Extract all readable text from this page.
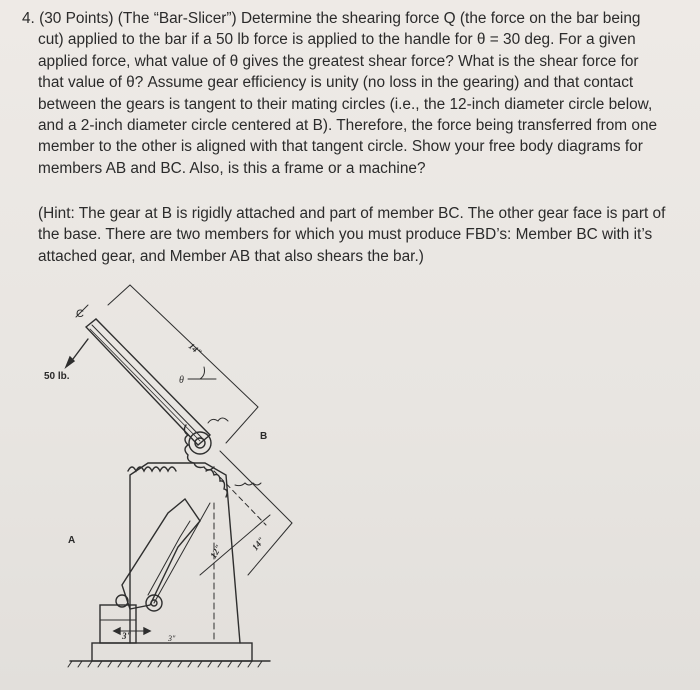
4. (30 Points) (The “Bar-Slicer”) Determine the shearing force Q (the force on the bar being
cut) applied to the bar if a 50 lb force is applied to the handle for θ = 30 deg. For a given
applied force, what value of θ gives the greatest shear force? What is the shear force for
that value of θ? Assume gear efficiency is unity (no loss in the gearing) and that contact
between the gears is tangent to their mating circles (i.e., the 12-inch diameter circle below,
and a 2-inch diameter circle centered at B). Therefore, the force being transferred from one
member to the other is aligned with that tangent circle. Show your free body diagrams for
members AB and BC. Also, is this a frame or a machine?
(Hint: The gear at B is rigidly attached and part of member BC. The other gear face is part of
the base. There are two members for which you must produce FBD’s: Member BC with it’s
attached gear, and Member AB that also shears the bar.)
C
50 lb.	θ
B
A
14"
12"	14"
3"	3"
